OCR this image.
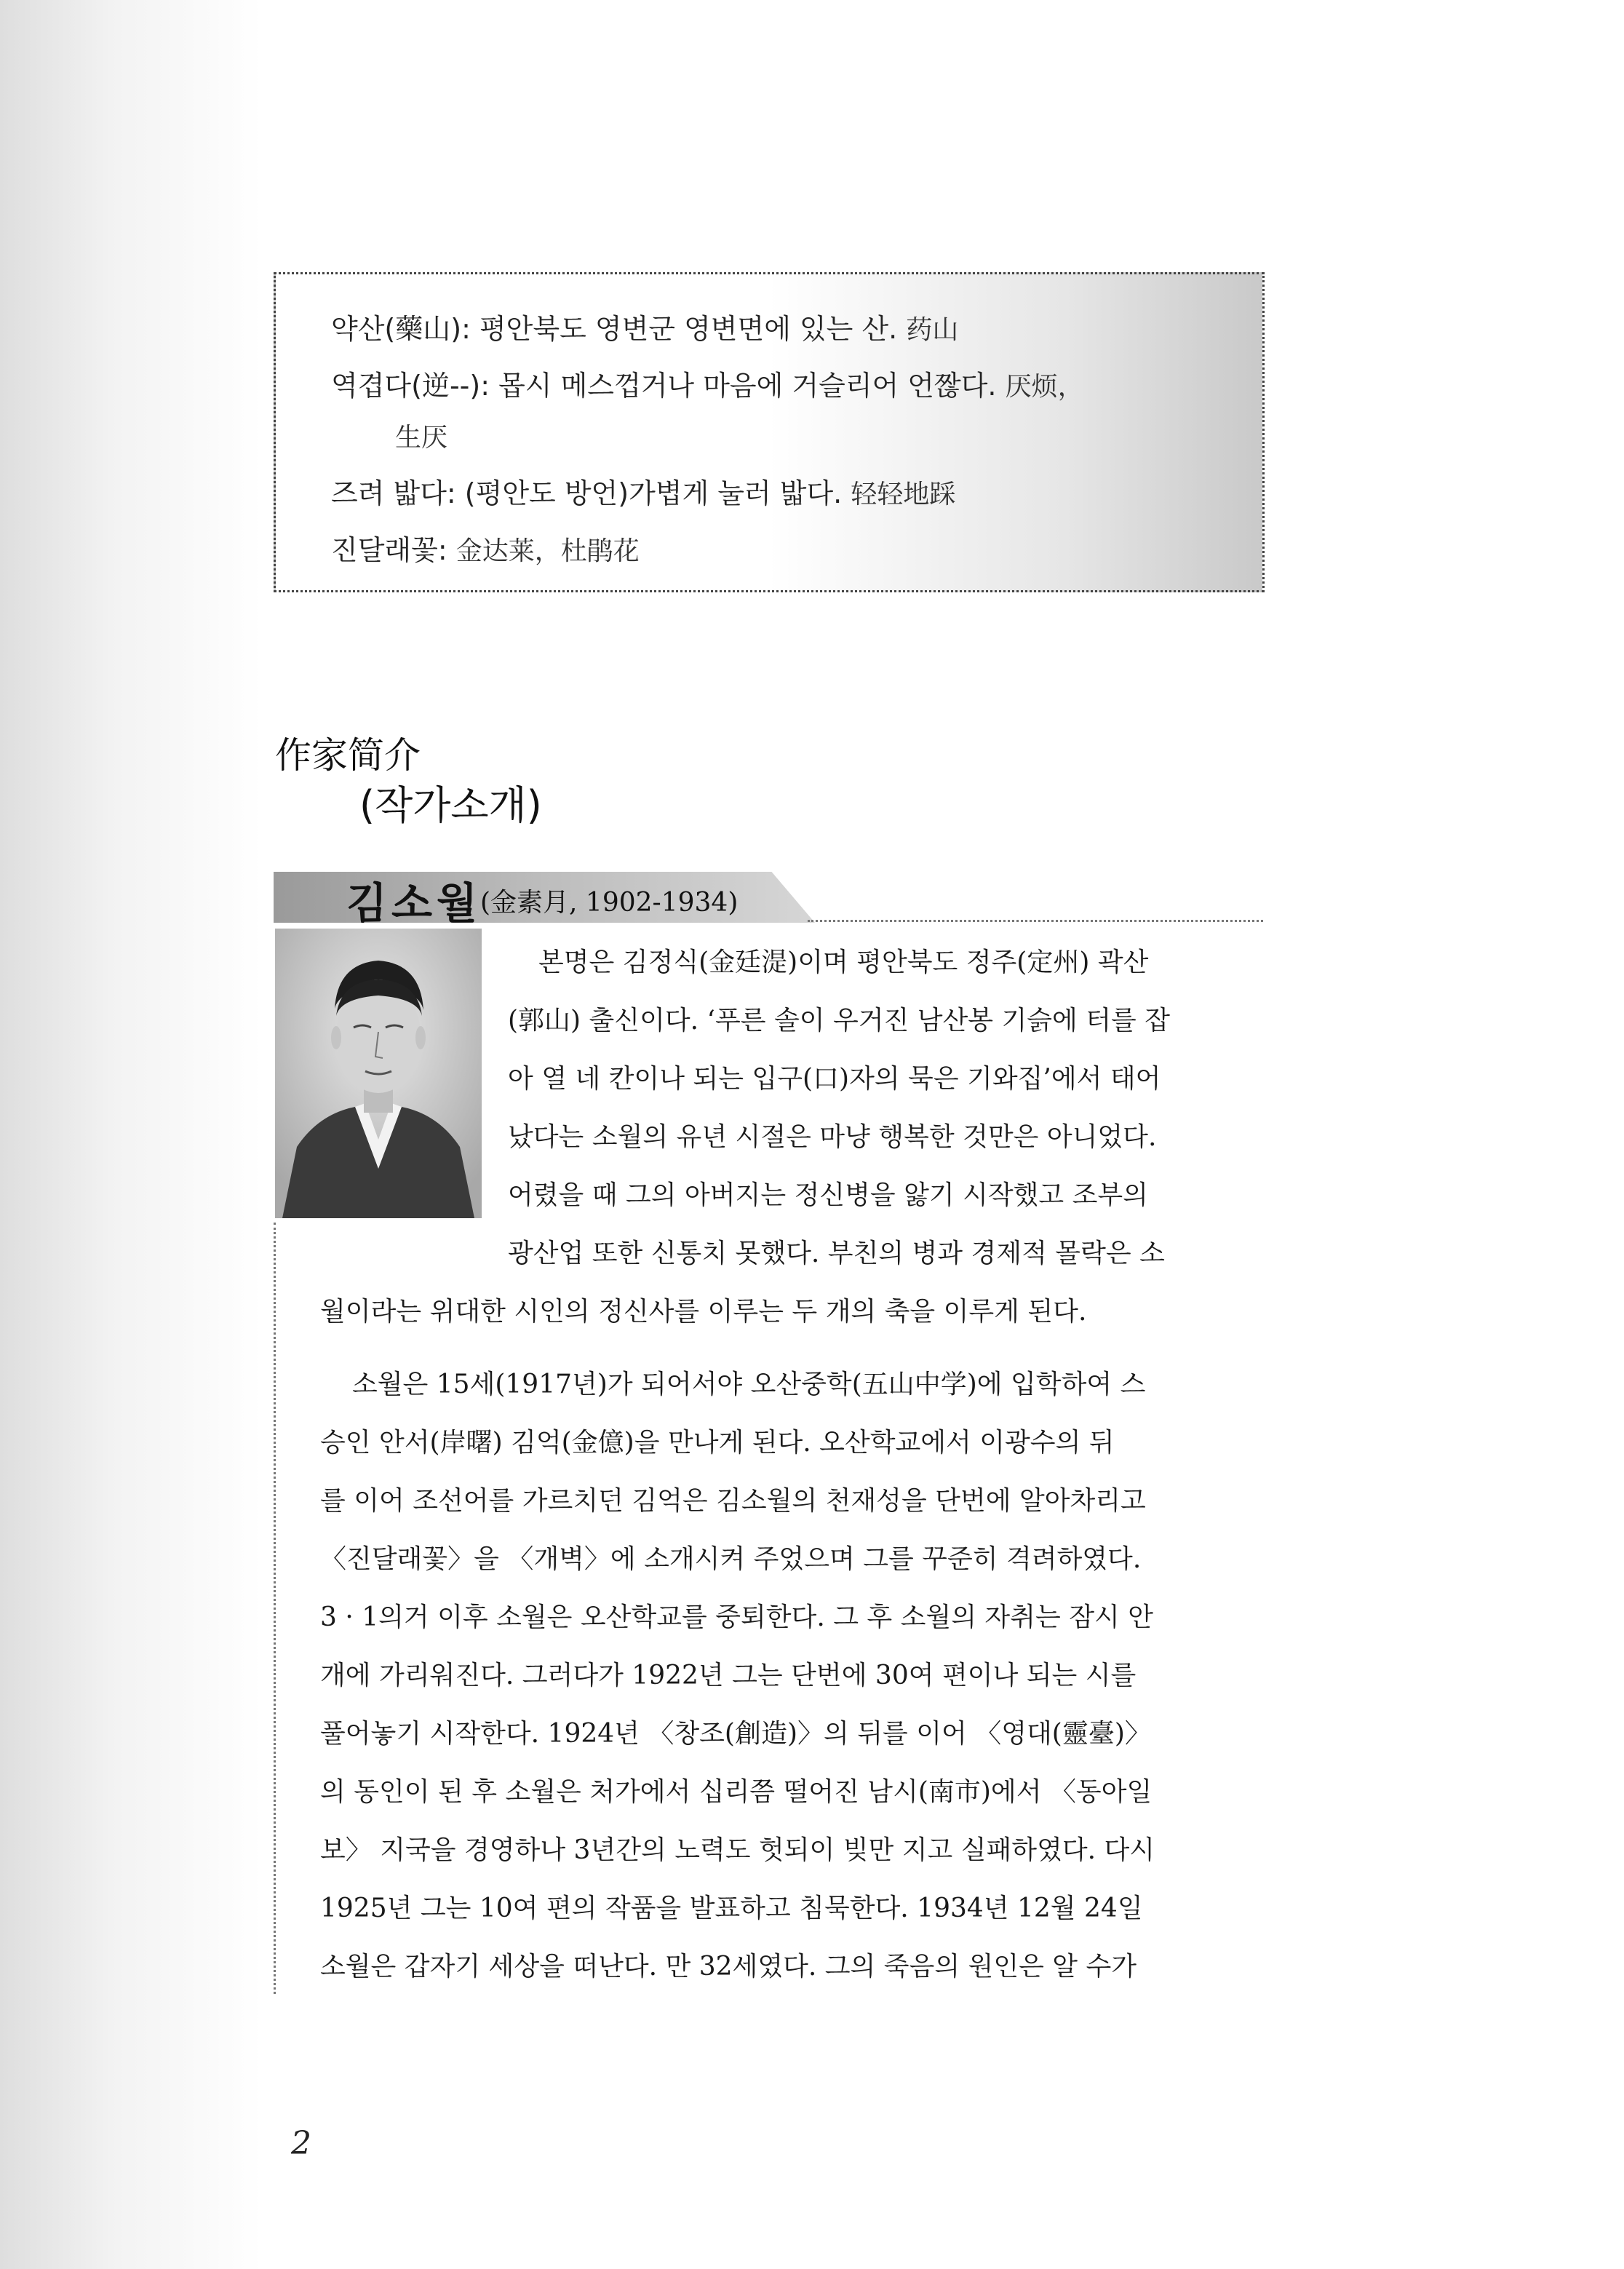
약산(藥山): 평안북도 영변군 영변면에 있는 산. 药山
역겹다(逆--): 몹시 메스껍거나 마음에 거슬리어 언짢다. 厌烦，
生厌
즈려 밟다: (평안도 방언)가볍게 눌러 밟다. 轻轻地踩
진달래꽃: 金达莱，杜鹃花
作家简介
(작가소개)
김소월
(金素月, 1902-1934)
본명은 김정식(金廷湜)이며 평안북도 정주(定州) 곽산
(郭山) 출신이다. ‘푸른 솔이 우거진 남산봉 기슭에 터를 잡
아 열 네 칸이나 되는 입구(口)자의 묵은 기와집’에서 태어
났다는 소월의 유년 시절은 마냥 행복한 것만은 아니었다.
어렸을 때 그의 아버지는 정신병을 앓기 시작했고 조부의
광산업 또한 신통치 못했다. 부친의 병과 경제적 몰락은 소
월이라는 위대한 시인의 정신사를 이루는 두 개의 축을 이루게 된다.
소월은 15세(1917년)가 되어서야 오산중학(五山中学)에 입학하여 스
승인 안서(岸曙) 김억(金億)을 만나게 된다. 오산학교에서 이광수의 뒤
를 이어 조선어를 가르치던 김억은 김소월의 천재성을 단번에 알아차리고
〈진달래꽃〉을 〈개벽〉에 소개시켜 주었으며 그를 꾸준히 격려하였다.
3 · 1의거 이후 소월은 오산학교를 중퇴한다. 그 후 소월의 자취는 잠시 안
개에 가리워진다. 그러다가 1922년 그는 단번에 30여 편이나 되는 시를
풀어놓기 시작한다. 1924년 〈창조(創造)〉의 뒤를 이어 〈영대(靈臺)〉
의 동인이 된 후 소월은 처가에서 십리쯤 떨어진 남시(南市)에서 〈동아일
보〉 지국을 경영하나 3년간의 노력도 헛되이 빚만 지고 실패하였다. 다시
1925년 그는 10여 편의 작품을 발표하고 침묵한다. 1934년 12월 24일
소월은 갑자기 세상을 떠난다. 만 32세였다. 그의 죽음의 원인은 알 수가
2
